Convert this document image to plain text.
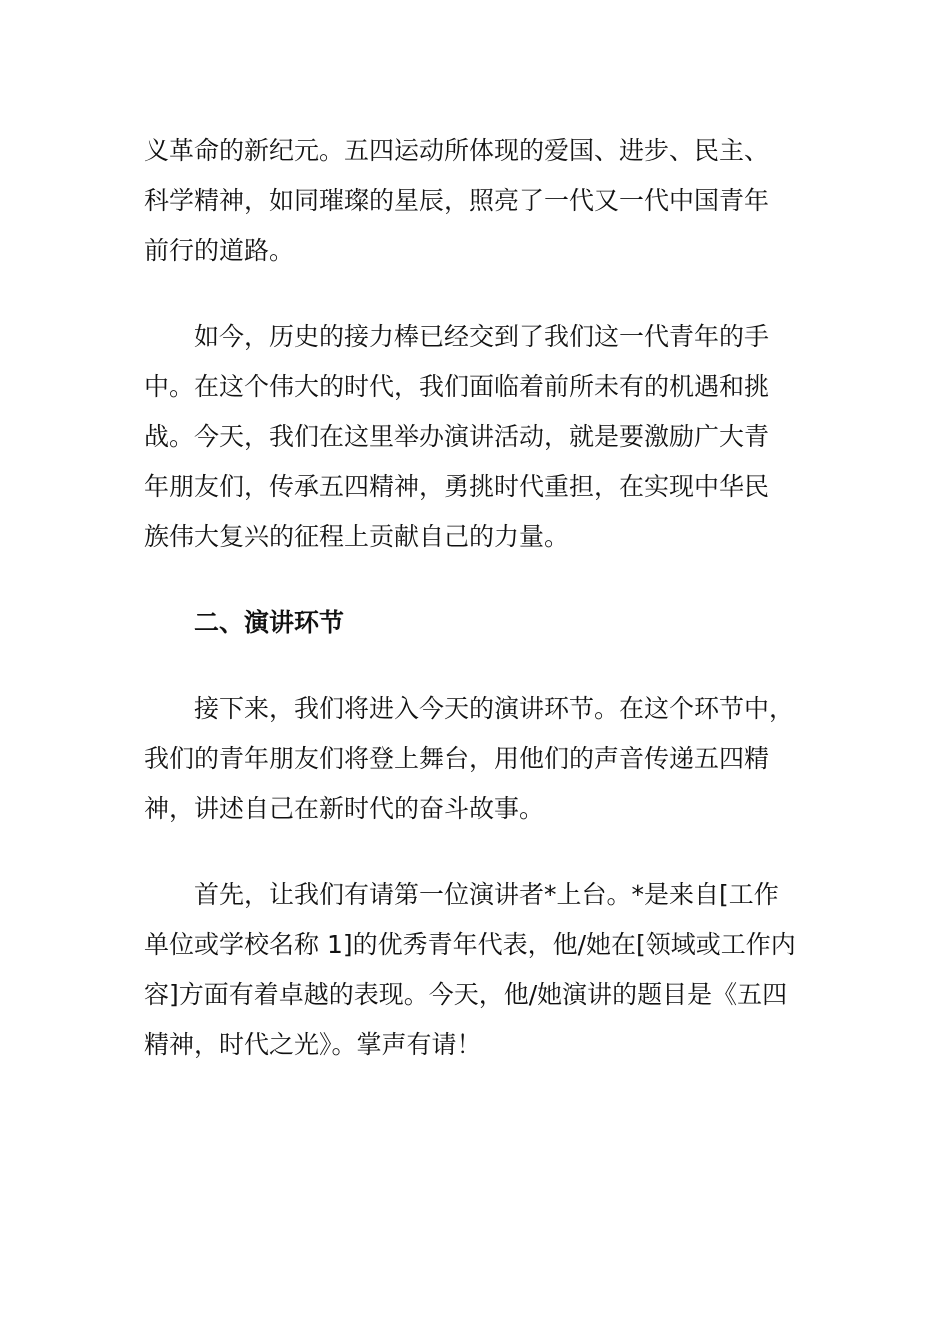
义革命的新纪元。五四运动所体现的爱国、进步、民主、
科学精神，如同璀璨的星辰，照亮了一代又一代中国青年
前行的道路。
如今，历史的接力棒已经交到了我们这一代青年的手
中。在这个伟大的时代，我们面临着前所未有的机遇和挑
战。今天，我们在这里举办演讲活动，就是要激励广大青
年朋友们，传承五四精神，勇挑时代重担，在实现中华民
族伟大复兴的征程上贡献自己的力量。
二、演讲环节
接下来，我们将进入今天的演讲环节。在这个环节中，
我们的青年朋友们将登上舞台，用他们的声音传递五四精
神，讲述自己在新时代的奋斗故事。
首先，让我们有请第一位演讲者*上台。*是来自[工作
单位或学校名称 1]的优秀青年代表，他/她在[领域或工作内
容]方面有着卓越的表现。今天，他/她演讲的题目是《五四
精神，时代之光》。掌声有请！
